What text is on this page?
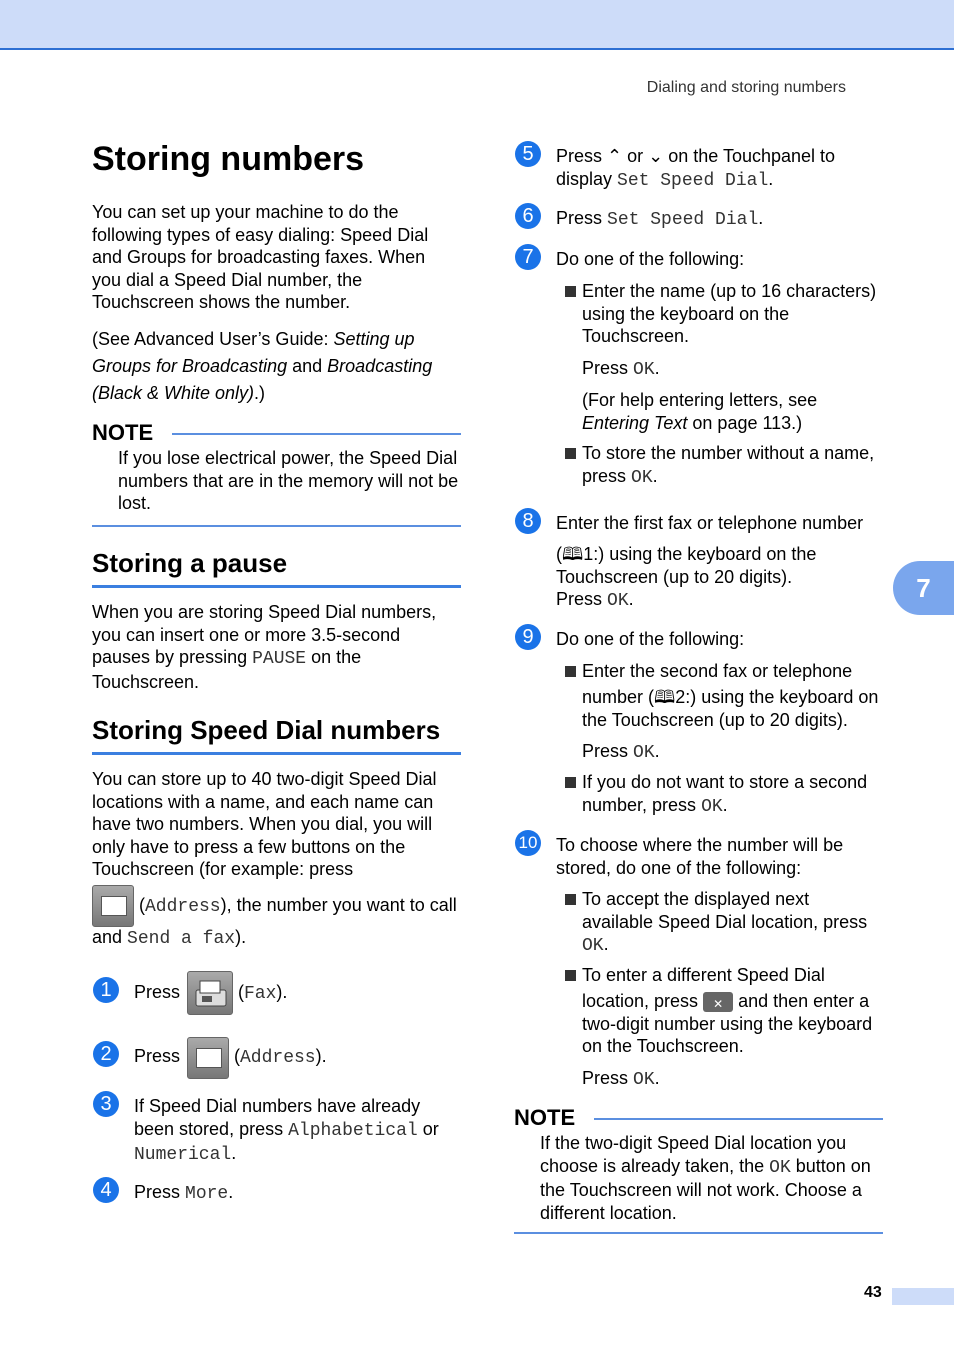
Dialing and storing numbers
Storing numbers
You can set up your machine to do the following types of easy dialing: Speed Dial and Groups for broadcasting faxes. When you dial a Speed Dial number, the Touchscreen shows the number.
(See Advanced User’s Guide: Setting up Groups for Broadcasting and Broadcasting (Black & White only).)
NOTE
If you lose electrical power, the Speed Dial numbers that are in the memory will not be lost.
Storing a pause
When you are storing Speed Dial numbers, you can insert one or more 3.5-second pauses by pressing PAUSE on the Touchscreen.
Storing Speed Dial numbers
You can store up to 40 two-digit Speed Dial locations with a name, and each name can have two numbers. When you dial, you will only have to press a few buttons on the Touchscreen (for example: press
(Address), the number you want to call
and Send a fax).
1	Press	(Fax).
2	Press	(Address).
3	If Speed Dial numbers have already been stored, press Alphabetical or Numerical.
4	Press More.
5	Press ⌃ or ⌄ on the Touchpanel to
display Set Speed Dial.
6	Press Set Speed Dial.
7	Do one of the following:
Enter the name (up to 16 characters) using the keyboard on the Touchscreen.
Press OK.
(For help entering letters, see Entering Text on page 113.)
To store the number without a name, press OK.
8	Enter the first fax or telephone number
(🕮1:) using the keyboard on the Touchscreen (up to 20 digits).
Press OK.
9	Do one of the following:
Enter the second fax or telephone
number (🕮2:) using the keyboard on the Touchscreen (up to 20 digits).
Press OK.
If you do not want to store a second number, press OK.
10 To choose where the number will be stored, do one of the following:
To accept the displayed next available Speed Dial location, press
OK.
To enter a different Speed Dial
location, press ✕ and then enter a two-digit number using the keyboard on the Touchscreen.
Press OK.
NOTE
If the two-digit Speed Dial location you choose is already taken, the OK button on the Touchscreen will not work. Choose a different location.
7
43
